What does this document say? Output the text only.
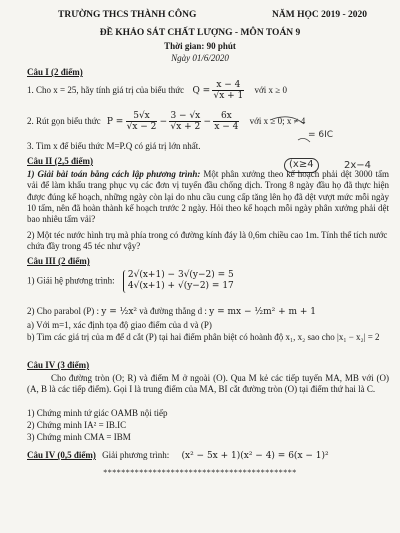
TRƯỜNG THCS THÀNH CÔNG	NĂM HỌC 2019 - 2020
ĐỀ KHẢO SÁT CHẤT LƯỢNG - MÔN TOÁN 9
Thời gian: 90 phút
Ngày 01/6/2020
Câu I (2 điểm)
1. Cho x = 25, hãy tính giá trị của biểu thức $Q = \frac{x - 4}{√x + 1}$ với x ≥ 0
2. Rút gọn biểu thức $P = \frac{5√x}{√x - 2} - \frac{3 - √x}{√x + 2} - \frac{6x}{x - 4}$ với x ≥ 0; x ≠ 4
3. Tìm x để biểu thức M=P.Q có giá trị lớn nhất.
= 6IC
(x≥4	2x−4
Câu II (2,5 điểm)

1) Giải bài toán bằng cách lập phương trình: Một phân xưởng theo kế hoạch phải dệt 3000 tấm vải để làm khẩu trang phục vụ các đơn vị tuyến đầu chống dịch. Trong 8 ngày đầu họ đã thực hiện được đúng kế hoạch, những ngày còn lại do nhu cầu cung cấp tăng lên họ đã dệt vượt mức mỗi ngày 10 tấm, nên đã hoàn thành kế hoạch trước 2 ngày. Hỏi theo kế hoạch mỗi ngày phân xưởng phải dệt bao nhiêu tấm vải?

2) Một téc nước hình trụ mà phía trong có đường kính đáy là 0,6m chiều cao 1m. Tính thể tích nước chứa đầy trong 45 téc như vậy?

Câu III (2 điểm)
1) Giải hệ phương trình:
2√(x+1) − 3√(y−2) = 5
4√(x+1) + √(y−2) = 17
2) Cho parabol (P) : y = ½x² và đường thẳng d : y = mx − ½m² + m + 1
a) Với m=1, xác định tọa độ giao điểm của d và (P)

b) Tìm các giá trị của m để d cắt (P) tại hai điểm phân biệt có hoành độ x₁, x₂ sao cho |x₁ − x₂| = 2

Câu IV (3 điểm)

Cho đường tròn (O; R) và điểm M ở ngoài (O). Qua M kẻ các tiếp tuyến MA, MB với (O) (A, B là các tiếp điểm). Gọi I là trung điểm của MA, BI cắt đường tròn (O) tại điểm thứ hai là C.

1) Chứng minh tứ giác OAMB nội tiếp
2) Chứng minh IA² = IB.IC
3) Chứng minh CMA = IBM
Câu IV (0,5 điểm) Giải phương trình: (x² − 5x + 1)(x² − 4) = 6(x − 1)²
*******************************************
